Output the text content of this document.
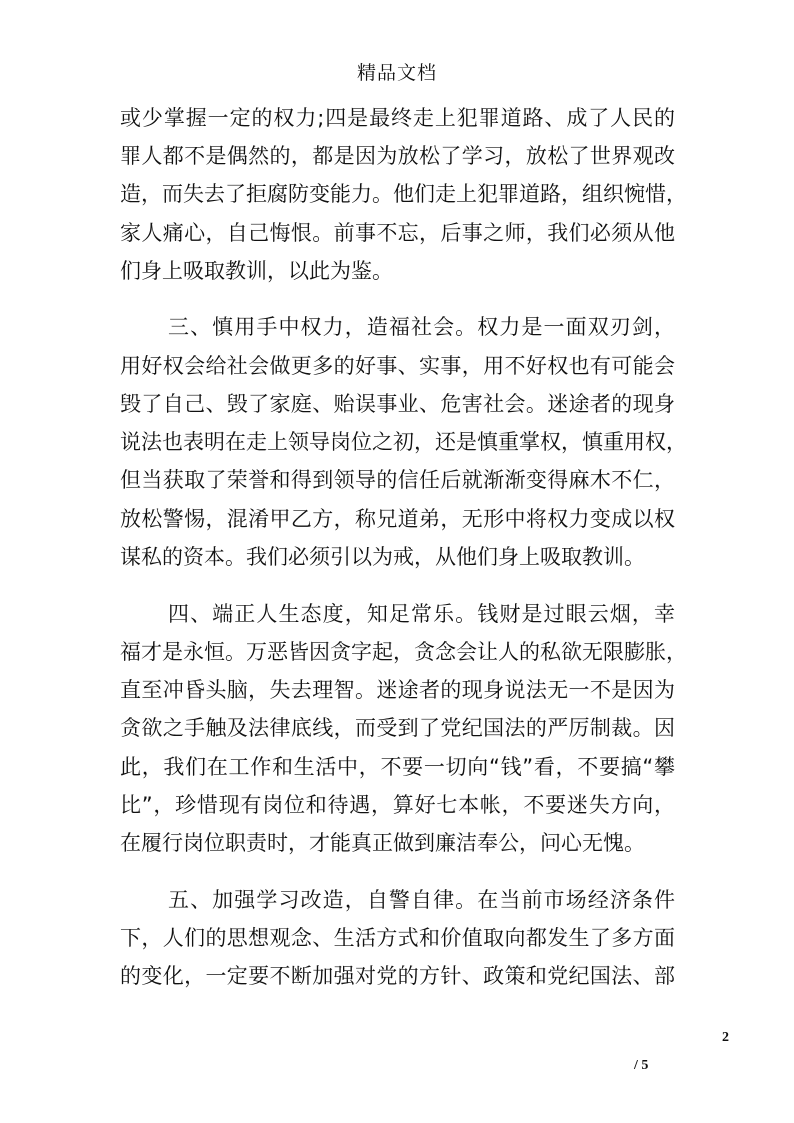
精品文档
或少掌握一定的权力;四是最终走上犯罪道路、成了人民的
罪人都不是偶然的，都是因为放松了学习，放松了世界观改
造，而失去了拒腐防变能力。他们走上犯罪道路，组织惋惜，
家人痛心，自己悔恨。前事不忘，后事之师，我们必须从他
们身上吸取教训，以此为鉴。
三、慎用手中权力，造福社会。权力是一面双刃剑，
用好权会给社会做更多的好事、实事，用不好权也有可能会
毁了自己、毁了家庭、贻误事业、危害社会。迷途者的现身
说法也表明在走上领导岗位之初，还是慎重掌权，慎重用权，
但当获取了荣誉和得到领导的信任后就渐渐变得麻木不仁，
放松警惕，混淆甲乙方，称兄道弟，无形中将权力变成以权
谋私的资本。我们必须引以为戒，从他们身上吸取教训。
四、端正人生态度，知足常乐。钱财是过眼云烟，幸
福才是永恒。万恶皆因贪字起，贪念会让人的私欲无限膨胀，
直至冲昏头脑，失去理智。迷途者的现身说法无一不是因为
贪欲之手触及法律底线，而受到了党纪国法的严厉制裁。因
此，我们在工作和生活中，不要一切向“钱”看，不要搞“攀
比”，珍惜现有岗位和待遇，算好七本帐，不要迷失方向，
在履行岗位职责时，才能真正做到廉洁奉公，问心无愧。
五、加强学习改造，自警自律。在当前市场经济条件
下，人们的思想观念、生活方式和价值取向都发生了多方面
的变化，一定要不断加强对党的方针、政策和党纪国法、部
2
/ 5
